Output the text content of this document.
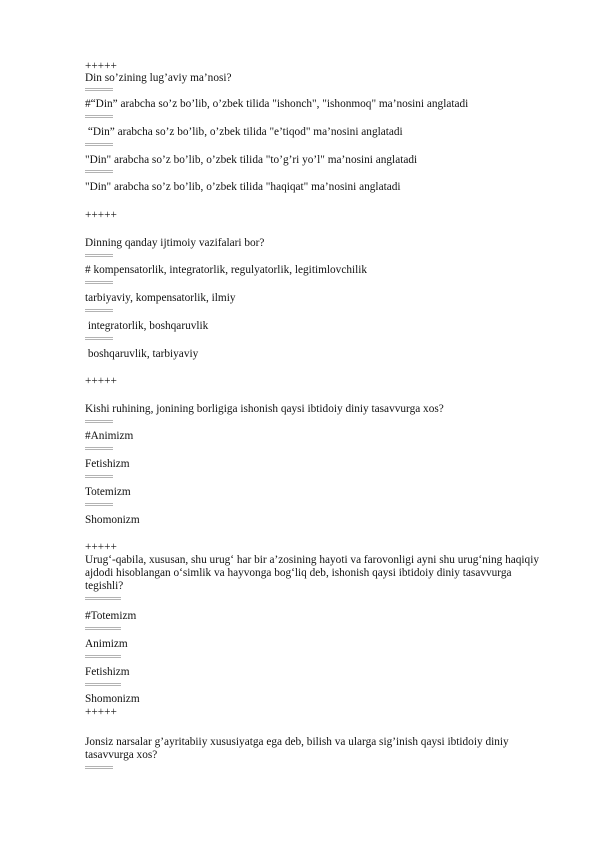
+++++
Din so’zining lug’aviy ma’nosi?
#“Din” arabcha so’z bo’lib, o’zbek tilida "ishonch", "ishonmoq" ma’nosini anglatadi
“Din” arabcha so’z bo’lib, o’zbek tilida "e’tiqod" ma’nosini anglatadi
"Din" arabcha so’z bo’lib, o’zbek tilida "to’g’ri yo’l" ma’nosini anglatadi
"Din" arabcha so’z bo’lib, o’zbek tilida "haqiqat" ma’nosini anglatadi
+++++
Dinning qanday ijtimoiy vazifalari bor?
# kompensatorlik, integratorlik, regulyatorlik, legitimlovchilik
tarbiyaviy, kompensatorlik, ilmiy
integratorlik, boshqaruvlik
boshqaruvlik, tarbiyaviy
+++++
Kishi ruhining, jonining borligiga ishonish qaysi ibtidoiy diniy tasavvurga xos?
#Animizm
Fetishizm
Totemizm
Shomonizm
+++++
Urug‘-qabila, xususan, shu urug‘ har bir a’zosining hayoti va farovonligi ayni shu urug‘ning haqiqiy ajdodi hisoblangan o‘simlik va hayvonga bog‘liq deb, ishonish qaysi ibtidoiy diniy tasavvurga tegishli?
#Totemizm
Animizm
Fetishizm
Shomonizm
+++++
Jonsiz narsalar g’ayritabiiy xususiyatga ega deb, bilish va ularga sig’inish qaysi ibtidoiy diniy tasavvurga xos?
